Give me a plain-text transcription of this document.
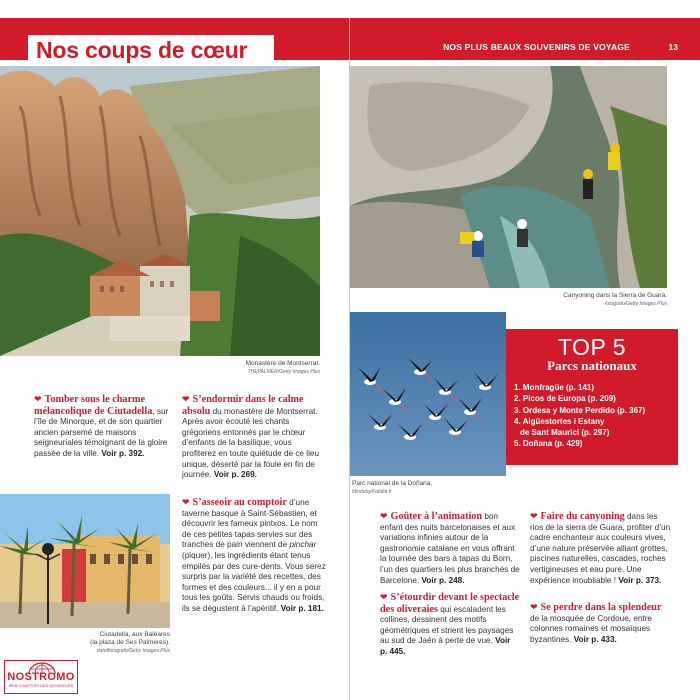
Nos coups de cœur	NOS PLUS BEAUX SOUVENIRS DE VOYAGE	13
Monastère de Montserrat.
THEPALMER/Getty Images Plus
Ciutadella, aux Baléares
(la plaza de Ses Palmeres).
dandfotografo/Getty Images Plus
Canyoning dans la Sierra de Guara.
fotografo/Getty Images Plus
Parc national de la Doñana.
Mindeby/Fotolia.fr
TOP 5
Parcs nationaux
1. Monfragüe (p. 141)
2. Picos de Europa (p. 209)
3. Ordesa y Monte Perdido (p. 367)
4. Aigüestortes i Estany
de Sant Maurici (p. 297)
5. Doñana (p. 429)
❤ Tomber sous le charme mélancolique de Ciutadella, sur l’île de Minorque, et de son quartier ancien parsemé de maisons seigneuriales témoignant de la gloire passée de la ville. Voir p. 392.
❤ S’endormir dans le calme absolu du monastère de Montserrat. Après avoir écouté les chants grégoriens entonnés par le chœur d’enfants de la basilique, vous profiterez en toute quiétude de ce lieu unique, déserté par la foule en fin de journée. Voir p. 269.
❤ S’asseoir au comptoir d’une taverne basque à Saint-Sébastien, et découvrir les fameux pintxos. Le nom de ces petites tapas servies sur des tranches de pain viennent de pinchar (piquer), les ingrédients étant tenus empilés par des cure-dents. Vous serez surpris par la variété des recettes, des formes et des couleurs... il y en a pour tous les goûts. Servis chauds ou froids, ils se dégustent à l’apéritif. Voir p. 181.
❤ Goûter à l’animation bon enfant des nuits barcelonaises et aux variations infinies autour de la gastronomie catalane en vous offrant la tournée des bars à tapas du Born, l’un des quartiers les plus branchés de Barcelone. Voir p. 248.
❤ S’étourdir devant le spectacle des oliveraies qui escaladent les collines, dessinent des motifs géométriques et strient les paysages au sud de Jaén à perte de vue. Voir p. 445.
❤ Faire du canyoning dans les rios de la sierra de Guara, profiter d’un cadre enchanteur aux couleurs vives, d’une nature préservée alliant grottes, piscines naturelles, cascades, roches vertigineuses et eau pure. Une expérience inoubliable ! Voir p. 373.
❤ Se perdre dans la splendeur de la mosquée de Cordoue, entre colonnes romaines et mosaïques byzantines. Voir p. 433.
NOSTROMO
WEB COMPTOIR DES VOYAGEURS
